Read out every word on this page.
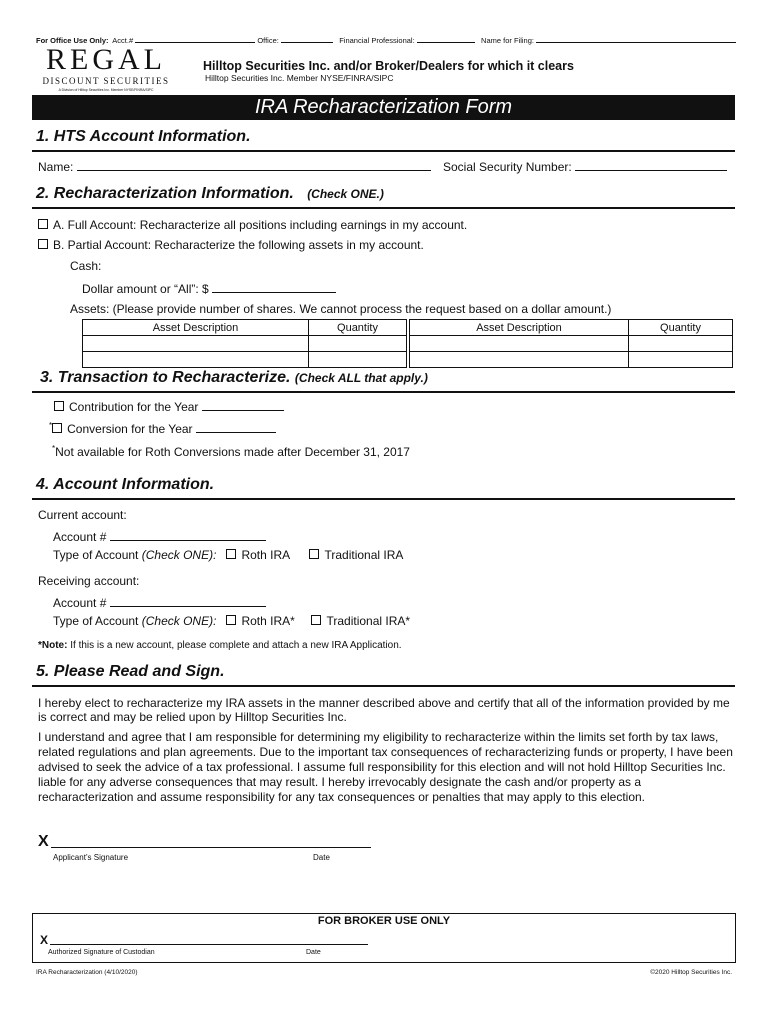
For Office Use Only: Acct.#	Office:	Financial Professional:	Name for Filing:
REGAL
DISCOUNT SECURITIES
A Division of Hilltop Securities Inc. Member NYSE/FINRA/SIPC
Hilltop Securities Inc. and/or Broker/Dealers for which it clears
Hilltop Securities Inc. Member NYSE/FINRA/SIPC
IRA Recharacterization Form
1. HTS Account Information.
Name:	Social Security Number:
2. Recharacterization Information. (Check ONE.)
A. Full Account: Recharacterize all positions including earnings in my account.
B. Partial Account: Recharacterize the following assets in my account.
Cash:
Dollar amount or “All”: $
Assets: (Please provide number of shares. We cannot process the request based on a dollar amount.)
Asset Description	Quantity		Asset Description	Quantity

3. Transaction to Recharacterize. (Check ALL that apply.)
Contribution for the Year
* Conversion for the Year
*Not available for Roth Conversions made after December 31, 2017
4. Account Information.
Current account:
Account #
Type of Account (Check ONE): Roth IRA	Traditional IRA
Receiving account:
Account #
Type of Account (Check ONE): Roth IRA*	Traditional IRA*
*Note: If this is a new account, please complete and attach a new IRA Application.
5. Please Read and Sign.
I hereby elect to recharacterize my IRA assets in the manner described above and certify that all of the information provided by me is correct and may be relied upon by Hilltop Securities Inc.
I understand and agree that I am responsible for determining my eligibility to recharacterize within the limits set forth by tax laws, related regulations and plan agreements. Due to the important tax consequences of recharacterizing funds or property, I have been advised to seek the advice of a tax professional. I assume full responsibility for this election and will not hold Hilltop Securities Inc. liable for any adverse consequences that may result. I hereby irrevocably designate the cash and/or property as a recharacterization and assume responsibility for any tax consequences or penalties that may apply to this election.
X
Applicant’s Signature	Date
FOR BROKER USE ONLY
X
Authorized Signature of Custodian	Date
IRA Recharacterization (4/10/2020)	©2020 Hilltop Securities Inc.
